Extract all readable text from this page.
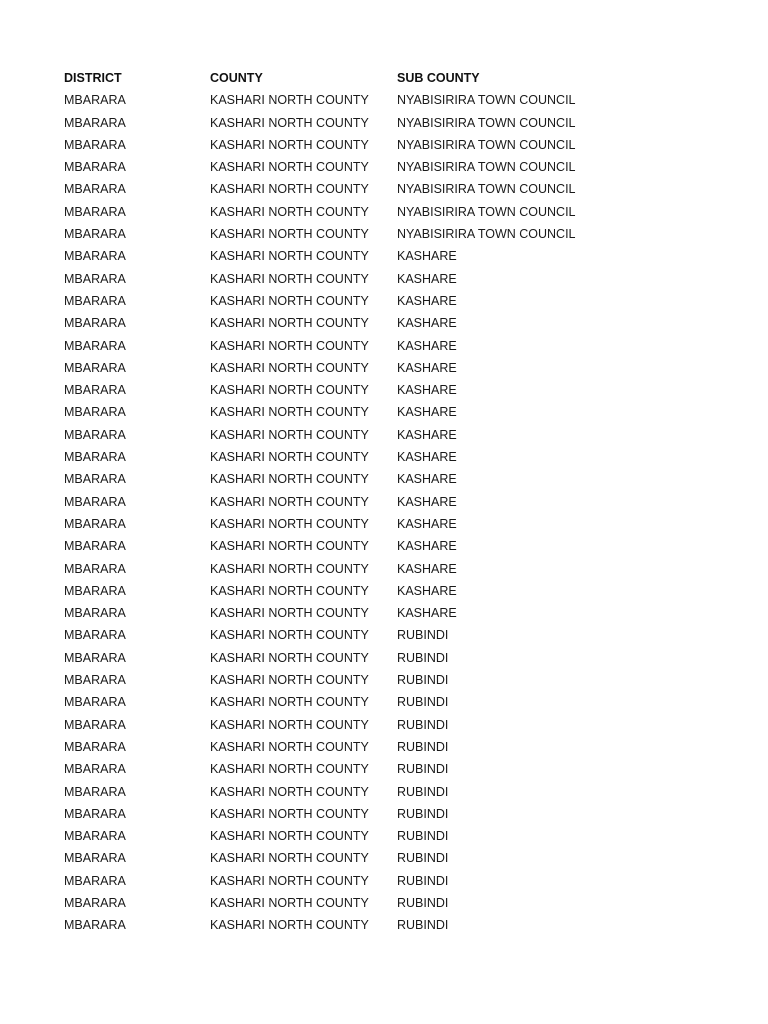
DISTRICT	COUNTY	SUB COUNTY
MBARARA	KASHARI NORTH COUNTY	NYABISIRIRA TOWN COUNCIL
MBARARA	KASHARI NORTH COUNTY	NYABISIRIRA TOWN COUNCIL
MBARARA	KASHARI NORTH COUNTY	NYABISIRIRA TOWN COUNCIL
MBARARA	KASHARI NORTH COUNTY	NYABISIRIRA TOWN COUNCIL
MBARARA	KASHARI NORTH COUNTY	NYABISIRIRA TOWN COUNCIL
MBARARA	KASHARI NORTH COUNTY	NYABISIRIRA TOWN COUNCIL
MBARARA	KASHARI NORTH COUNTY	NYABISIRIRA TOWN COUNCIL
MBARARA	KASHARI NORTH COUNTY	KASHARE
MBARARA	KASHARI NORTH COUNTY	KASHARE
MBARARA	KASHARI NORTH COUNTY	KASHARE
MBARARA	KASHARI NORTH COUNTY	KASHARE
MBARARA	KASHARI NORTH COUNTY	KASHARE
MBARARA	KASHARI NORTH COUNTY	KASHARE
MBARARA	KASHARI NORTH COUNTY	KASHARE
MBARARA	KASHARI NORTH COUNTY	KASHARE
MBARARA	KASHARI NORTH COUNTY	KASHARE
MBARARA	KASHARI NORTH COUNTY	KASHARE
MBARARA	KASHARI NORTH COUNTY	KASHARE
MBARARA	KASHARI NORTH COUNTY	KASHARE
MBARARA	KASHARI NORTH COUNTY	KASHARE
MBARARA	KASHARI NORTH COUNTY	KASHARE
MBARARA	KASHARI NORTH COUNTY	KASHARE
MBARARA	KASHARI NORTH COUNTY	KASHARE
MBARARA	KASHARI NORTH COUNTY	KASHARE
MBARARA	KASHARI NORTH COUNTY	RUBINDI
MBARARA	KASHARI NORTH COUNTY	RUBINDI
MBARARA	KASHARI NORTH COUNTY	RUBINDI
MBARARA	KASHARI NORTH COUNTY	RUBINDI
MBARARA	KASHARI NORTH COUNTY	RUBINDI
MBARARA	KASHARI NORTH COUNTY	RUBINDI
MBARARA	KASHARI NORTH COUNTY	RUBINDI
MBARARA	KASHARI NORTH COUNTY	RUBINDI
MBARARA	KASHARI NORTH COUNTY	RUBINDI
MBARARA	KASHARI NORTH COUNTY	RUBINDI
MBARARA	KASHARI NORTH COUNTY	RUBINDI
MBARARA	KASHARI NORTH COUNTY	RUBINDI
MBARARA	KASHARI NORTH COUNTY	RUBINDI
MBARARA	KASHARI NORTH COUNTY	RUBINDI
